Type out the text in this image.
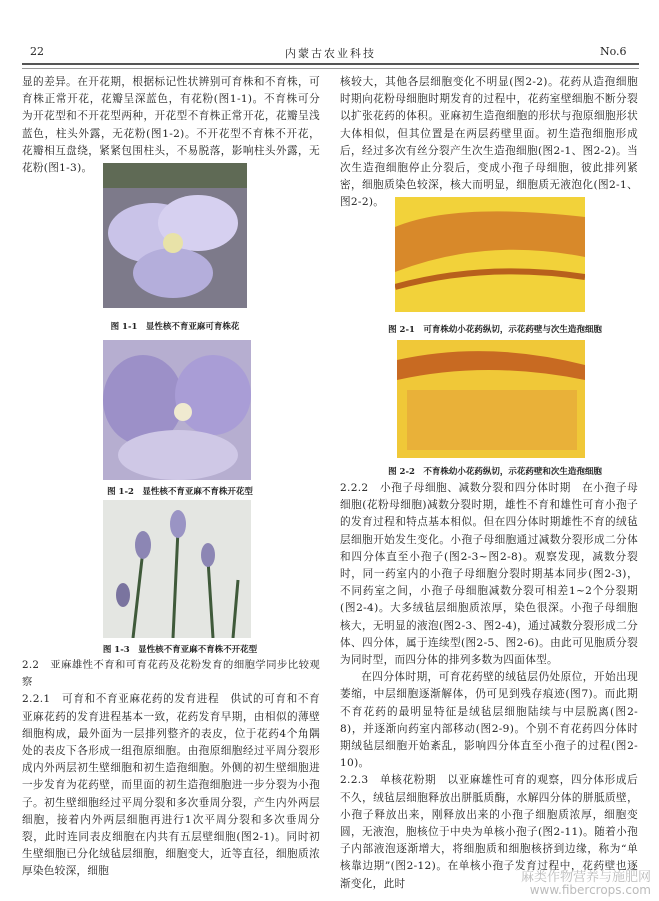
22	内蒙古农业科技	No.6

显的差异。在开花期，根据标记性状辨别可育株和不育株，可育株正常开花，花瓣呈深蓝色，有花粉(图1-1)。不育株可分为开花型和不开花型两种，开花型不育株正常开花，花瓣呈浅蓝色，柱头外露，无花粉(图1-2)。不开花型不育株不开花，花瓣相互盘绕，紧紧包围柱头，不易脱落，影响柱头外露，无花粉(图1-3)。

图 1-1　显性核不育亚麻可育株花
图 1-2　显性核不育亚麻不育株开花型
图 1-3　显性核不育亚麻不育株不开花型

2.2　亚麻雄性不育和可育花药及花粉发育的细胞学同步比较观察

2.2.1　可育和不育亚麻花药的发育进程　供试的可育和不育亚麻花药的发育进程基本一致，花药发育早期，由相似的薄壁细胞构成，最外面为一层排列整齐的表皮，位于花药4个角隅处的表皮下各形成一组孢原细胞。由孢原细胞经过平周分裂形成内外两层初生壁细胞和初生造孢细胞。外侧的初生壁细胞进一步发育为花药壁，而里面的初生造孢细胞进一步分裂为小孢子。初生壁细胞经过平周分裂和多次垂周分裂，产生内外两层细胞，接着内外两层细胞再进行1次平周分裂和多次垂周分裂，此时连同表皮细胞在内共有五层壁细胞(图2-1)。同时初生壁细胞已分化绒毡层细胞，细胞变大，近等直径，细胞质浓厚染色较深，细胞

核较大，其他各层细胞变化不明显(图2-2)。花药从造孢细胞时期向花粉母细胞时期发育的过程中，花药室壁细胞不断分裂以扩张花药的体积。亚麻初生造孢细胞的形状与孢原细胞形状大体相似，但其位置是在两层药壁里面。初生造孢细胞形成后，经过多次有丝分裂产生次生造孢细胞(图2-1、图2-2)。当次生造孢细胞停止分裂后，变成小孢子母细胞，彼此排列紧密，细胞质染色较深，核大而明显，细胞质无液泡化(图2-1、图2-2)。

图 2-1　可育株幼小花药纵切，示花药壁与次生造孢细胞
图 2-2　不育株幼小花药纵切，示花药壁和次生造孢细胞

2.2.2　小孢子母细胞、减数分裂和四分体时期　在小孢子母细胞(花粉母细胞)减数分裂时期，雄性不育和雄性可育小孢子的发育过程和特点基本相似。但在四分体时期雄性不育的绒毡层细胞开始发生变化。小孢子母细胞通过减数分裂形成二分体和四分体直至小孢子(图2-3~图2-8)。观察发现，减数分裂时，同一药室内的小孢子母细胞分裂时期基本同步(图2-3)，不同药室之间，小孢子母细胞减数分裂可相差1~2个分裂期(图2-4)。大多绒毡层细胞质浓厚，染色很深。小孢子母细胞核大，无明显的液泡(图2-3、图2-4)，通过减数分裂形成二分体、四分体，属于连续型(图2-5、图2-6)。由此可见胞质分裂为同时型，而四分体的排列多数为四面体型。

在四分体时期，可育花药壁的绒毡层仍处原位，开始出现萎缩，中层细胞逐渐解体，仍可见到残存痕迹(图7)。而此期不育花药的最明显特征是绒毡层细胞陆续与中层脱离(图2-8)，并逐渐向药室内部移动(图2-9)。个别不育花药四分体时期绒毡层细胞开始紊乱，影响四分体直至小孢子的过程(图2-10)。

2.2.3　单核花粉期　以亚麻雄性可育的观察，四分体形成后不久，绒毡层细胞释放出胼胝质酶，水解四分体的胼胝质壁，小孢子释放出来，刚释放出来的小孢子细胞质浓厚，细胞变圆，无液泡，胞核位于中央为单核小孢子(图2-11)。随着小孢子内部液泡逐渐增大，将细胞质和细胞核挤到边缘，称为“单核靠边期”(图2-12)。在单核小孢子发育过程中，花药壁也逐渐变化，此时	麻类作物营养与施肥网
www.fibercrops.com
